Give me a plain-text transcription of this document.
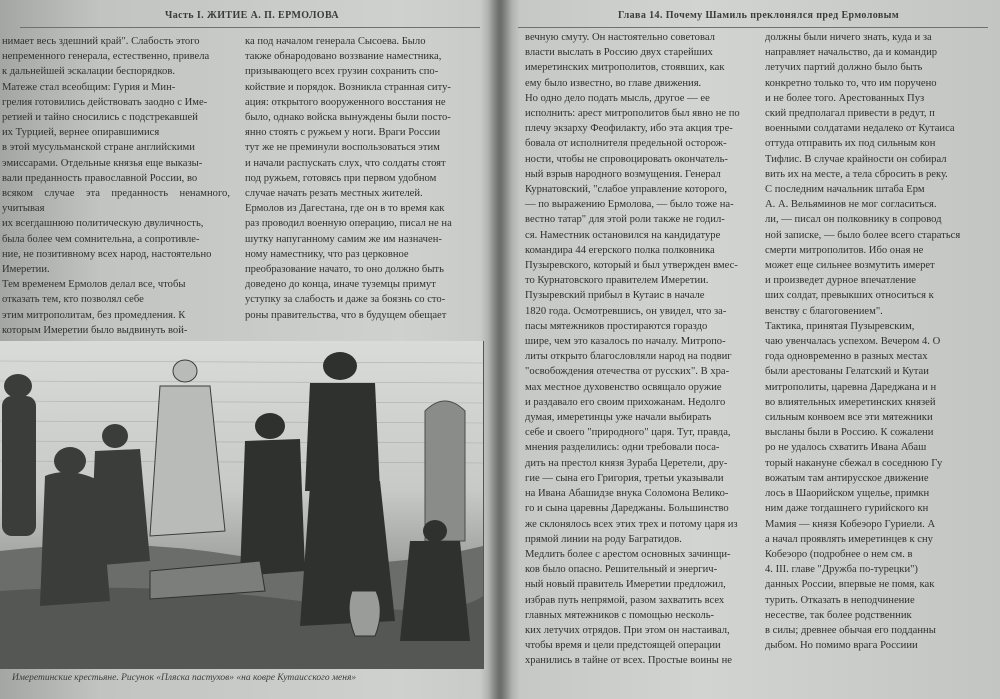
Часть I. ЖИТИЕ А. П. ЕРМОЛОВА

нимает весь здешний край". Слабость этого

непременного генерала, естественно, привела

к дальнейшей эскалации беспорядков.

Матеже стал всеобщим: Гурия и Мин-

грелия готовились действовать заодно с Име-

ретией и тайно сносились с подстрекавшей

их Турцией, вернее опиравшимися

в этой мусульманской стране английскими

эмиссарами. Отдельные князья еще выказы-

вали преданность православной России, во

всяком случае эта преданность ненамного, учитывая

их всегдашнюю политическую двуличность,

была более чем сомнительна, а сопротивле-

ние, не позитивному всех народ, настоятельно

Имеретии.

Тем временем Ермолов делал все, чтобы

отказать тем, кто позволял себе

этим митрополитам, без промедления. К

которым Имеретии было выдвинуть вой-

ка под началом генерала Сысоева. Было

также обнародовано воззвание наместника,

призывающего всех грузин сохранить спо-

койствие и порядок. Возникла странная ситу-

ация: открытого вооруженного восстания не

было, однако войска вынуждены были посто-

янно стоять с ружьем у ноги. Враги России

тут же не преминули воспользоваться этим

и начали распускать слух, что солдаты стоят

под ружьем, готовясь при первом удобном

случае начать резать местных жителей.

Ермолов из Дагестана, где он в то время как

раз проводил военную операцию, писал не на

шутку напуганному самим же им назначен-

ному наместнику, что раз церковное

преобразование начато, то оно должно быть

доведено до конца, иначе туземцы примут

уступку за слабость и даже за боязнь со сто-

роны правительства, что в будущем обещает

Имеретинские крестьяне. Рисунок «Пляска пастухов» «на ковре Кутаисского меня»
Глава 14. Почему Шамиль преклонялся пред Ермоловым

вечную смуту. Он настоятельно советовал

власти выслать в Россию двух старейших

имеретинских митрополитов, стоявших, как

ему было известно, во главе движения.

Но одно дело подать мысль, другое — ее

исполнить: арест митрополитов был явно не по

плечу экзарху Феофилакту, ибо эта акция тре-

бовала от исполнителя предельной осторож-

ности, чтобы не спровоцировать окончатель-

ный взрыв народного возмущения. Генерал

Курнатовский, "слабое управление которого,

— по выражению Ермолова, — было тоже на-

вестно татар" для этой роли также не годил-

ся. Наместник остановился на кандидатуре

командира 44 егерского полка полковника

Пузыревского, который и был утвержден вмес-

то Курнатовского правителем Имеретии.

Пузыревский прибыл в Кутаис в начале

1820 года. Осмотревшись, он увидел, что за-

пасы мятежников простираются гораздо

шире, чем это казалось по началу. Митропо-

литы открыто благословляли народ на подвиг

"освобождения отечества от русских". В хра-

мах местное духовенство освящало оружие

и раздавало его своим прихожанам. Недолго

думая, имеретинцы уже начали выбирать

себе и своего "природного" царя. Тут, правда,

мнения разделились: одни требовали поса-

дить на престол князя Зураба Церетели, дру-

гие — сына его Григория, третьи указывали

на Ивана Абашидзе внука Соломона Велико-

го и сына царевны Дареджаны. Большинство

же склонялось всех этих трех и потому царя из

прямой линии на роду Багратидов.

Медлить более с арестом основных зачинщи-

ков было опасно. Решительный и энергич-

ный новый правитель Имеретии предложил,

избрав путь непрямой, разом захватить всех

главных мятежников с помощью несколь-

ких летучих отрядов. При этом он настаивал,

чтобы время и цели предстоящей операции

хранились в тайне от всех. Простые воины не

должны были ничего знать, куда и за

направляет начальство, да и командир

летучих партий должно было быть

конкретно только то, что им поручено

и не более того. Арестованных Пуз

ский предполагал привести в редут, п

военными солдатами недалеко от Кутаиса

оттуда отправить их под сильным кон

Тифлис. В случае крайности он собирал

вить их на месте, а тела сбросить в реку.

С последним начальник штаба Ерм

А. А. Вельяминов не мог согласиться.

ли, — писал он полковнику в сопровод

ной записке, — было более всего стараться

смерти митрополитов. Ибо оная не

может еще сильнее возмутить имерет

и произведет дурное впечатление

ших солдат, превыкших относиться к

венству с благоговением".

Тактика, принятая Пузыревским,

чаю увенчалась успехом. Вечером 4. О

года одновременно в разных местах

были арестованы Гелатский и Кутаи

митрополиты, царевна Дареджана и н

во влиятельных имеретинских князей

сильным конвоем все эти мятежники

высланы были в Россию. К сожалени

ро не удалось схватить Ивана Абаш

торый накануне сбежал в соседнюю Гу

вожатым там антирусское движение

лось в Шаорийском ущелье, примкн

ним даже тогдашнего гурийского кн

Мамия — князя Кобеэоро Гуриели. А

а начал проявлять имеретинцев к сну

Кобеэоро (подробнее о нем см. в

4. III. главе "Дружба по-турецки")

данных России, впервые не помя, как

турить. Отказать в неподчинение

несестве, так более родственник

в силы; древнее обычая его подданны

дыбом. Но помимо врага Россиии
